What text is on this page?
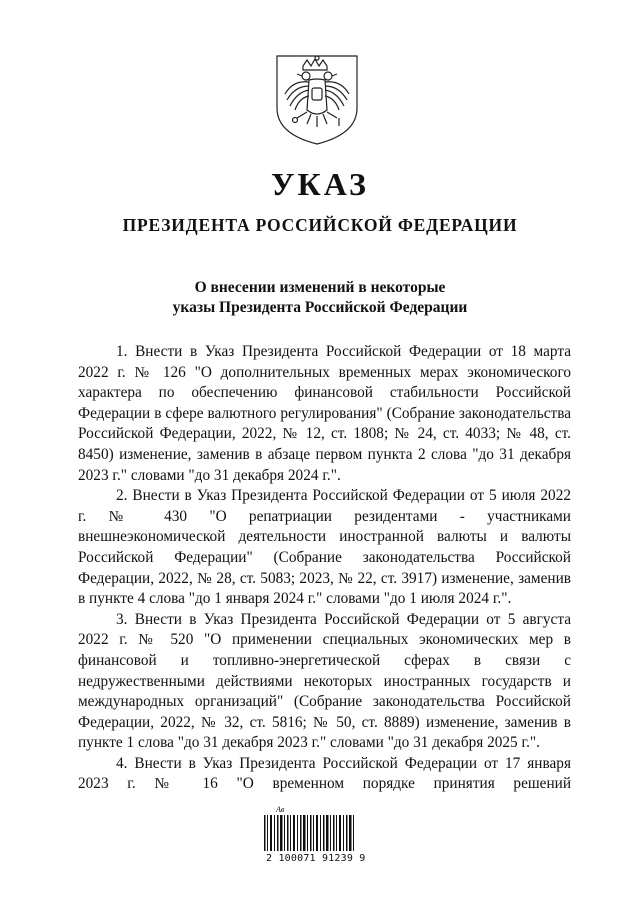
УКАЗ
ПРЕЗИДЕНТА РОССИЙСКОЙ ФЕДЕРАЦИИ
О внесении изменений в некоторые
указы Президента Российской Федерации

1. Внести в Указ Президента Российской Федерации от 18 марта 2022 г. № 126 "О дополнительных временных мерах экономического характера по обеспечению финансовой стабильности Российской Федерации в сфере валютного регулирования" (Собрание законодательства Российской Федерации, 2022, № 12, ст. 1808; № 24, ст. 4033; № 48, ст. 8450) изменение, заменив в абзаце первом пункта 2 слова "до 31 декабря 2023 г." словами "до 31 декабря 2024 г.".

2. Внести в Указ Президента Российской Федерации от 5 июля 2022 г. № 430 "О репатриации резидентами - участниками внешнеэкономической деятельности иностранной валюты и валюты Российской Федерации" (Собрание законодательства Российской Федерации, 2022, № 28, ст. 5083; 2023, № 22, ст. 3917) изменение, заменив в пункте 4 слова "до 1 января 2024 г." словами "до 1 июля 2024 г.".

3. Внести в Указ Президента Российской Федерации от 5 августа 2022 г. № 520 "О применении специальных экономических мер в финансовой и топливно-энергетической сферах в связи с недружественными действиями некоторых иностранных государств и международных организаций" (Собрание законодательства Российской Федерации, 2022, № 32, ст. 5816; № 50, ст. 8889) изменение, заменив в пункте 1 слова "до 31 декабря 2023 г." словами "до 31 декабря 2025 г.".

4. Внести в Указ Президента Российской Федерации от 17 января 2023 г. № 16 "О временном порядке принятия решений

Ав
2 100071 91239 9
